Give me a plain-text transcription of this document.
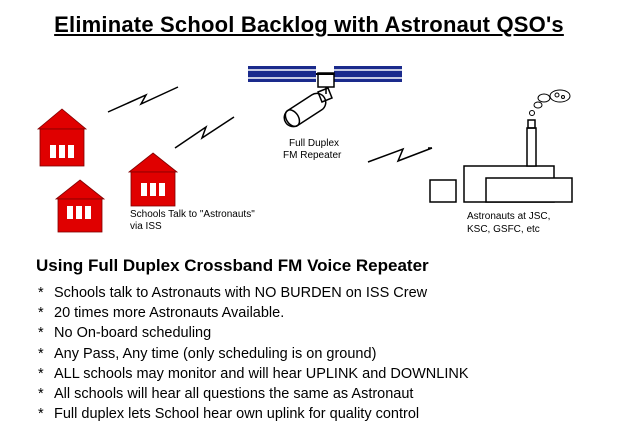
Eliminate School Backlog with Astronaut QSO's
Full Duplex
FM Repeater
Schools Talk to "Astronauts"
via ISS
Astronauts at JSC,
KSC, GSFC, etc
Using Full Duplex Crossband FM Voice Repeater
* Schools talk to Astronauts with NO BURDEN on ISS Crew
* 20 times more Astronauts Available.
* No On-board scheduling
* Any Pass, Any time (only scheduling is on ground)
* ALL schools may monitor and will hear UPLINK and DOWNLINK
* All schools will hear all questions the same as Astronaut
* Full duplex lets School hear own uplink for quality control
